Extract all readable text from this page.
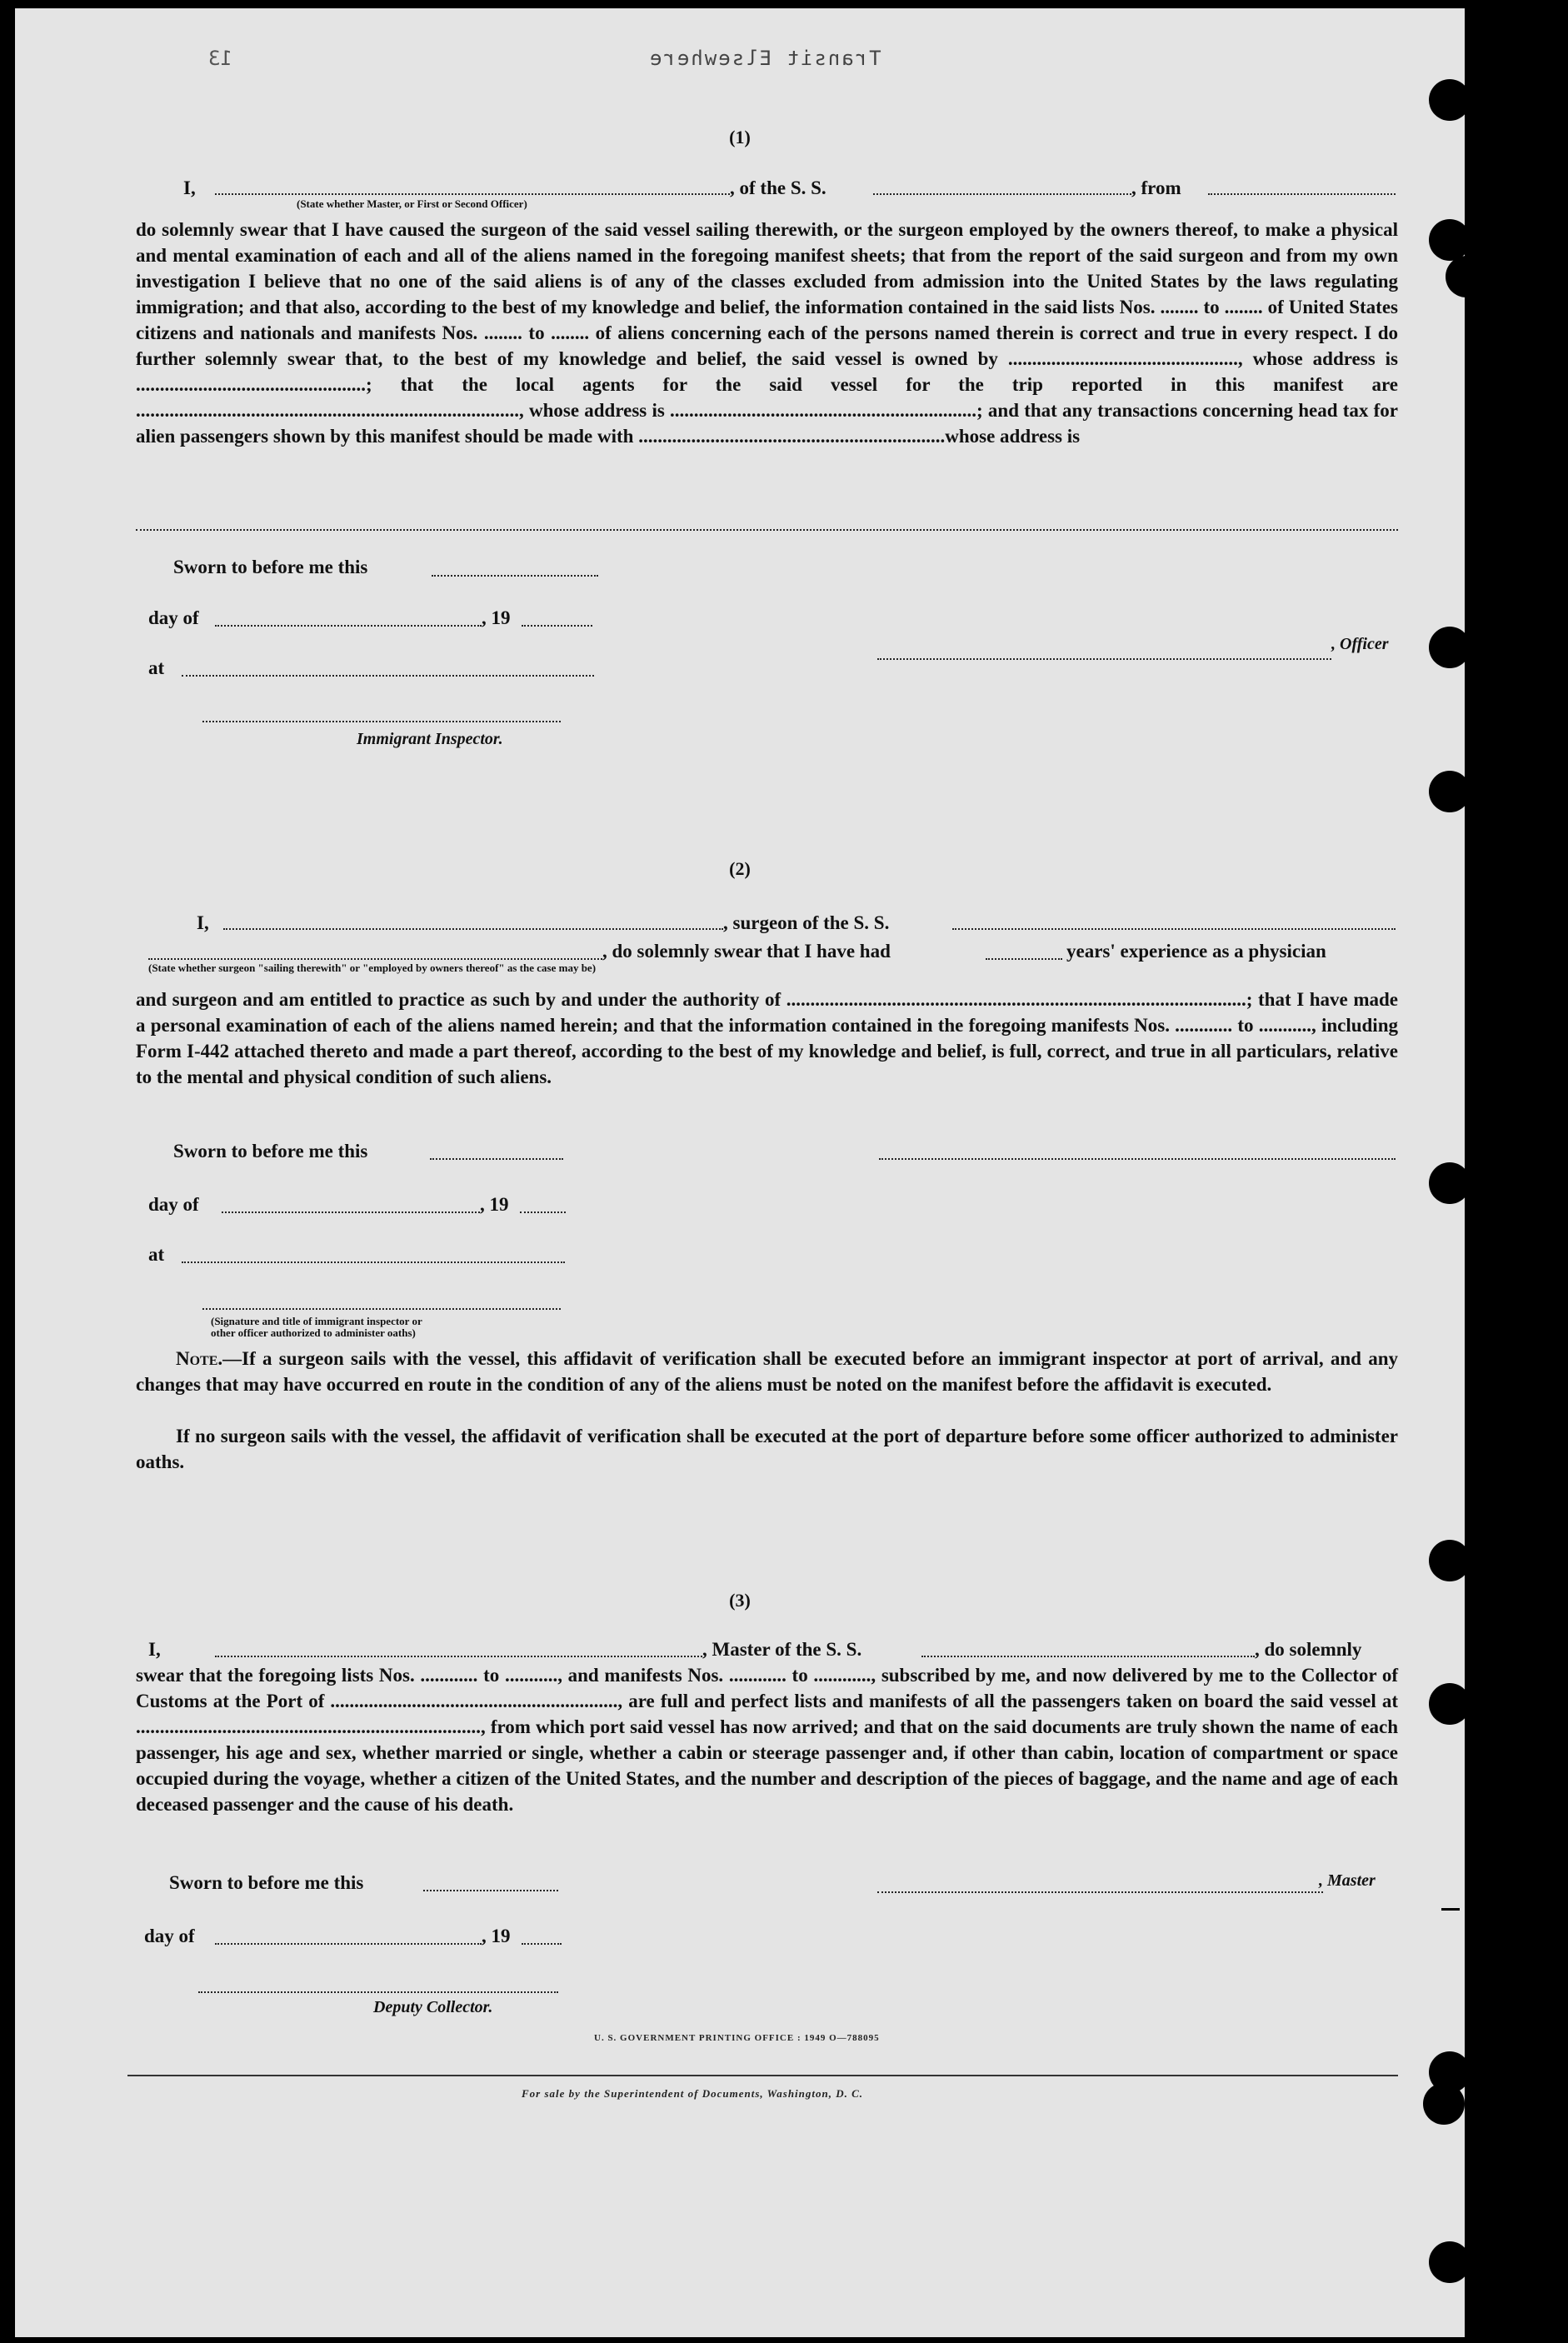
13	Transit Elsewhere
(1)
I,	, of the S. S.	, from
(State whether Master, or First or Second Officer)
do solemnly swear that I have caused the surgeon of the said vessel sailing therewith, or the surgeon employed by the owners thereof, to make a physical and mental examination of each and all of the aliens named in the foregoing manifest sheets; that from the report of the said surgeon and from my own investigation I believe that no one of the said aliens is of any of the classes excluded from admission into the United States by the laws regulating immigration; and that also, according to the best of my knowledge and belief, the information contained in the said lists Nos. ........ to ........ of United States citizens and nationals and manifests Nos. ........ to ........ of aliens concerning each of the persons named therein is correct and true in every respect. I do further solemnly swear that, to the best of my knowledge and belief, the said vessel is owned by ................................................, whose address is ................................................; that the local agents for the said vessel for the trip reported in this manifest are ................................................................................, whose address is ................................................................; and that any transactions concerning head tax for alien passengers shown by this manifest should be made with ................................................................whose address is
Sworn to before me this
day of	, 19
at
, Officer
Immigrant Inspector.
(2)
I,	, surgeon of the S. S.
, do solemnly swear that I have had	years' experience as a physician
(State whether surgeon "sailing therewith" or "employed by owners thereof" as the case may be)
and surgeon and am entitled to practice as such by and under the authority of ................................................................................................; that I have made a personal examination of each of the aliens named herein; and that the information contained in the foregoing manifests Nos. ............ to ..........., including Form I-442 attached thereto and made a part thereof, according to the best of my knowledge and belief, is full, correct, and true in all particulars, relative to the mental and physical condition of such aliens.
Sworn to before me this
day of	, 19
at
(Signature and title of immigrant inspector or
other officer authorized to administer oaths)
Note.—If a surgeon sails with the vessel, this affidavit of verification shall be executed before an immigrant inspector at port of arrival, and any changes that may have occurred en route in the condition of any of the aliens must be noted on the manifest before the affidavit is executed.
If no surgeon sails with the vessel, the affidavit of verification shall be executed at the port of departure before some officer authorized to administer oaths.
(3)
I,	, Master of the S. S.	, do solemnly
swear that the foregoing lists Nos. ............ to ..........., and manifests Nos. ............ to ............, subscribed by me, and now delivered by me to the Collector of Customs at the Port of ............................................................, are full and perfect lists and manifests of all the passengers taken on board the said vessel at ........................................................................, from which port said vessel has now arrived; and that on the said documents are truly shown the name of each passenger, his age and sex, whether married or single, whether a cabin or steerage passenger and, if other than cabin, location of compartment or space occupied during the voyage, whether a citizen of the United States, and the number and description of the pieces of baggage, and the name and age of each deceased passenger and the cause of his death.
Sworn to before me this	, Master
day of	, 19
Deputy Collector.
U. S. GOVERNMENT PRINTING OFFICE : 1949 O—788095
For sale by the Superintendent of Documents, Washington, D. C.
